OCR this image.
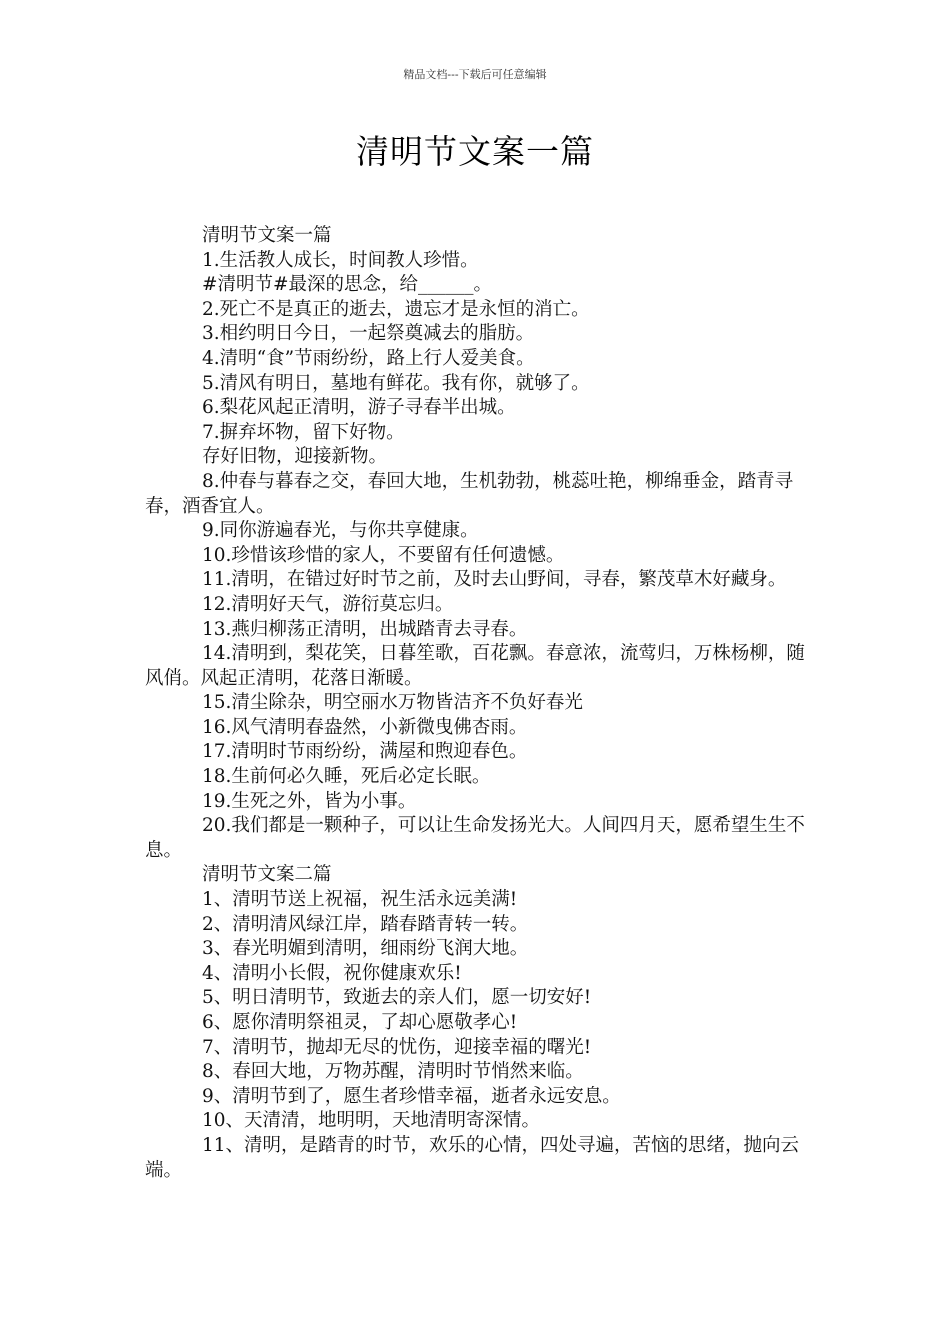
精品文档---下载后可任意编辑
清明节文案一篇

清明节文案一篇

1.生活教人成长，时间教人珍惜。

#清明节#最深的思念，给______。

2.死亡不是真正的逝去，遗忘才是永恒的消亡。

3.相约明日今日，一起祭奠减去的脂肪。

4.清明“食”节雨纷纷，路上行人爱美食。

5.清风有明日，墓地有鲜花。我有你，就够了。

6.梨花风起正清明，游子寻春半出城。

7.摒弃坏物，留下好物。

存好旧物，迎接新物。

8.仲春与暮春之交，春回大地，生机勃勃，桃蕊吐艳，柳绵垂金，踏青寻春，酒香宜人。

9.同你游遍春光，与你共享健康。

10.珍惜该珍惜的家人，不要留有任何遗憾。

11.清明，在错过好时节之前，及时去山野间，寻春，繁茂草木好藏身。

12.清明好天气，游衍莫忘归。

13.燕归柳荡正清明，出城踏青去寻春。

14.清明到，梨花笑，日暮笙歌，百花飘。春意浓，流莺归，万株杨柳，随风俏。风起正清明，花落日渐暖。

15.清尘除杂，明空丽水万物皆洁齐不负好春光

16.风气清明春盎然，小新微曳佛杏雨。

17.清明时节雨纷纷，满屋和煦迎春色。

18.生前何必久睡，死后必定长眠。

19.生死之外，皆为小事。

20.我们都是一颗种子，可以让生命发扬光大。人间四月天，愿希望生生不息。

清明节文案二篇

1、清明节送上祝福，祝生活永远美满!

2、清明清风绿江岸，踏春踏青转一转。

3、春光明媚到清明，细雨纷飞润大地。

4、清明小长假，祝你健康欢乐!

5、明日清明节，致逝去的亲人们，愿一切安好!

6、愿你清明祭祖灵，了却心愿敬孝心!

7、清明节，抛却无尽的忧伤，迎接幸福的曙光!

8、春回大地，万物苏醒，清明时节悄然来临。

9、清明节到了，愿生者珍惜幸福，逝者永远安息。

10、天清清，地明明，天地清明寄深情。

11、清明，是踏青的时节，欢乐的心情，四处寻遍，苦恼的思绪，抛向云端。
